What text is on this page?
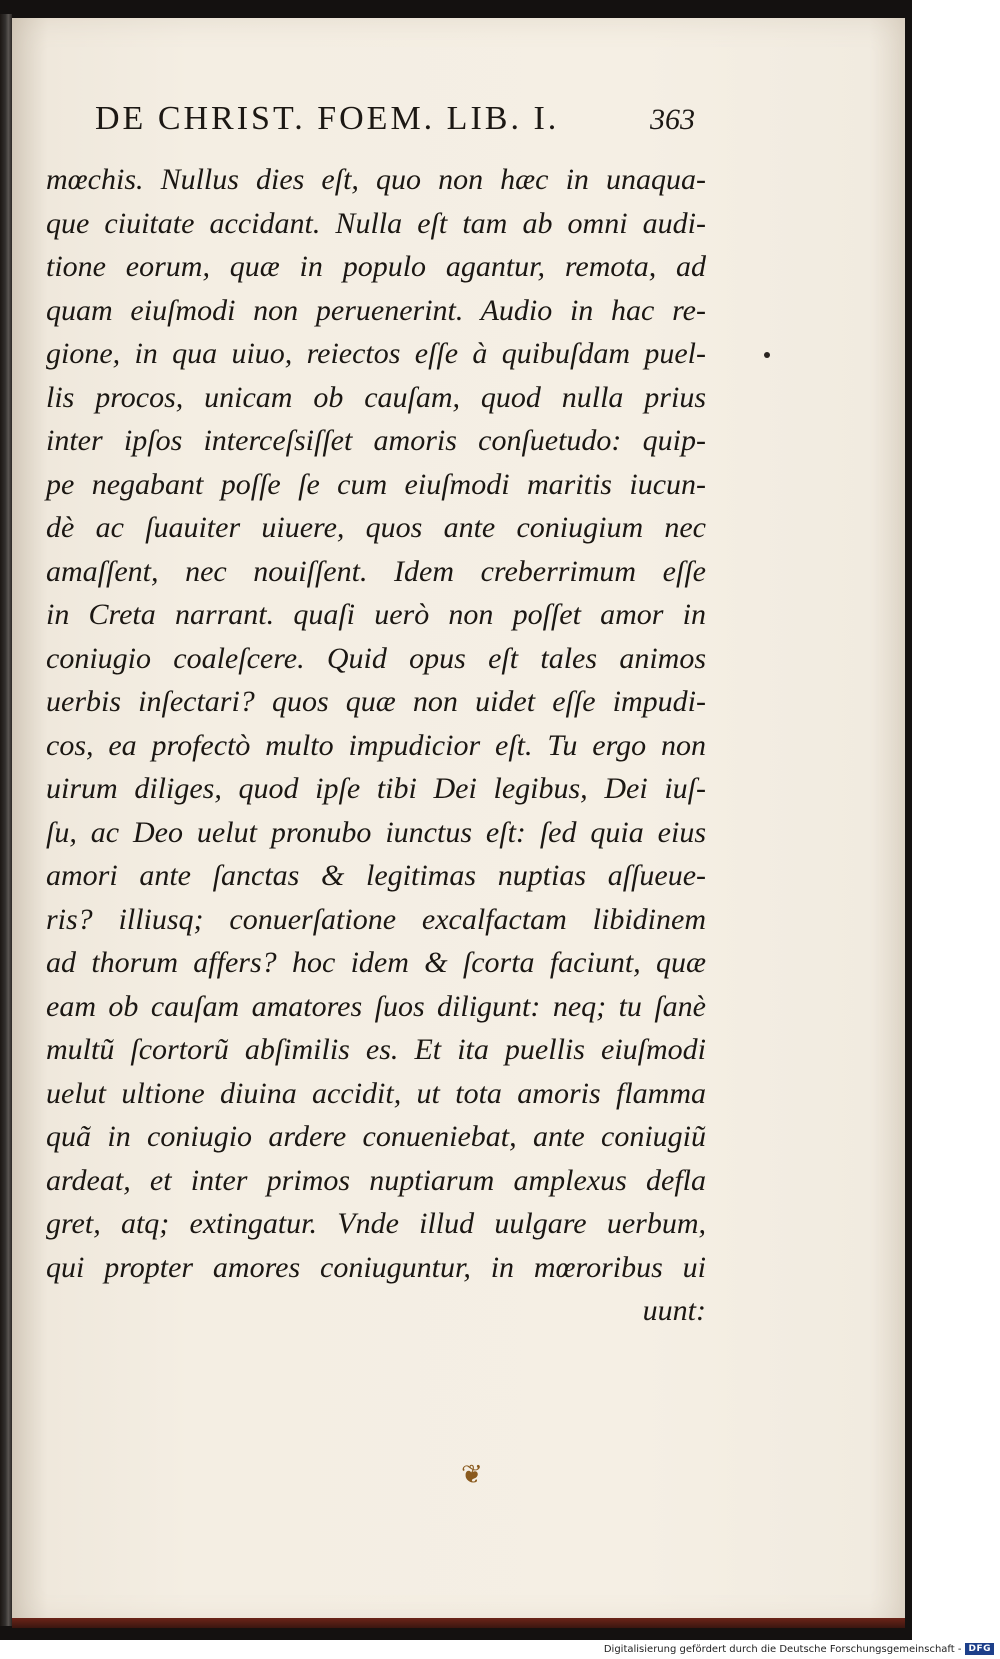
DE CHRIST. FOEM. LIB. I.	363
mœchis. Nullus dies eſt, quo non hæc in unaqua-
que ciuitate accidant. Nulla eſt tam ab omni audi-
tione eorum, quæ in populo agantur, remota, ad
quam eiuſmodi non peruenerint. Audio in hac re-
gione, in qua uiuo, reiectos eſſe à quibuſdam puel-
lis procos, unicam ob cauſam, quod nulla prius
inter ipſos interceſsiſſet amoris conſuetudo: quip-
pe negabant poſſe ſe cum eiuſmodi maritis iucun-
dè ac ſuauiter uiuere, quos ante coniugium nec
amaſſent, nec nouiſſent. Idem creberrimum eſſe
in Creta narrant. quaſi uerò non poſſet amor in
coniugio coaleſcere. Quid opus eſt tales animos
uerbis inſectari? quos quæ non uidet eſſe impudi-
cos, ea profectò multo impudicior eſt. Tu ergo non
uirum diliges, quod ipſe tibi Dei legibus, Dei iuſ-
ſu, ac Deo uelut pronubo iunctus eſt: ſed quia eius
amori ante ſanctas & legitimas nuptias aſſueue-
ris? illiusq; conuerſatione excalfactam libidinem
ad thorum affers? hoc idem & ſcorta faciunt, quæ
eam ob cauſam amatores ſuos diligunt: neq; tu ſanè
multũ ſcortorũ abſimilis es. Et ita puellis eiuſmodi
uelut ultione diuina accidit, ut tota amoris flamma
quã in coniugio ardere conueniebat, ante coniugiũ
ardeat, et inter primos nuptiarum amplexus defla
gret, atq; extingatur. Vnde illud uulgare uerbum,
qui propter amores coniuguntur, in mœroribus ui
uunt:
❦
Digitalisierung gefördert durch die Deutsche Forschungsgemeinschaft - DFG
